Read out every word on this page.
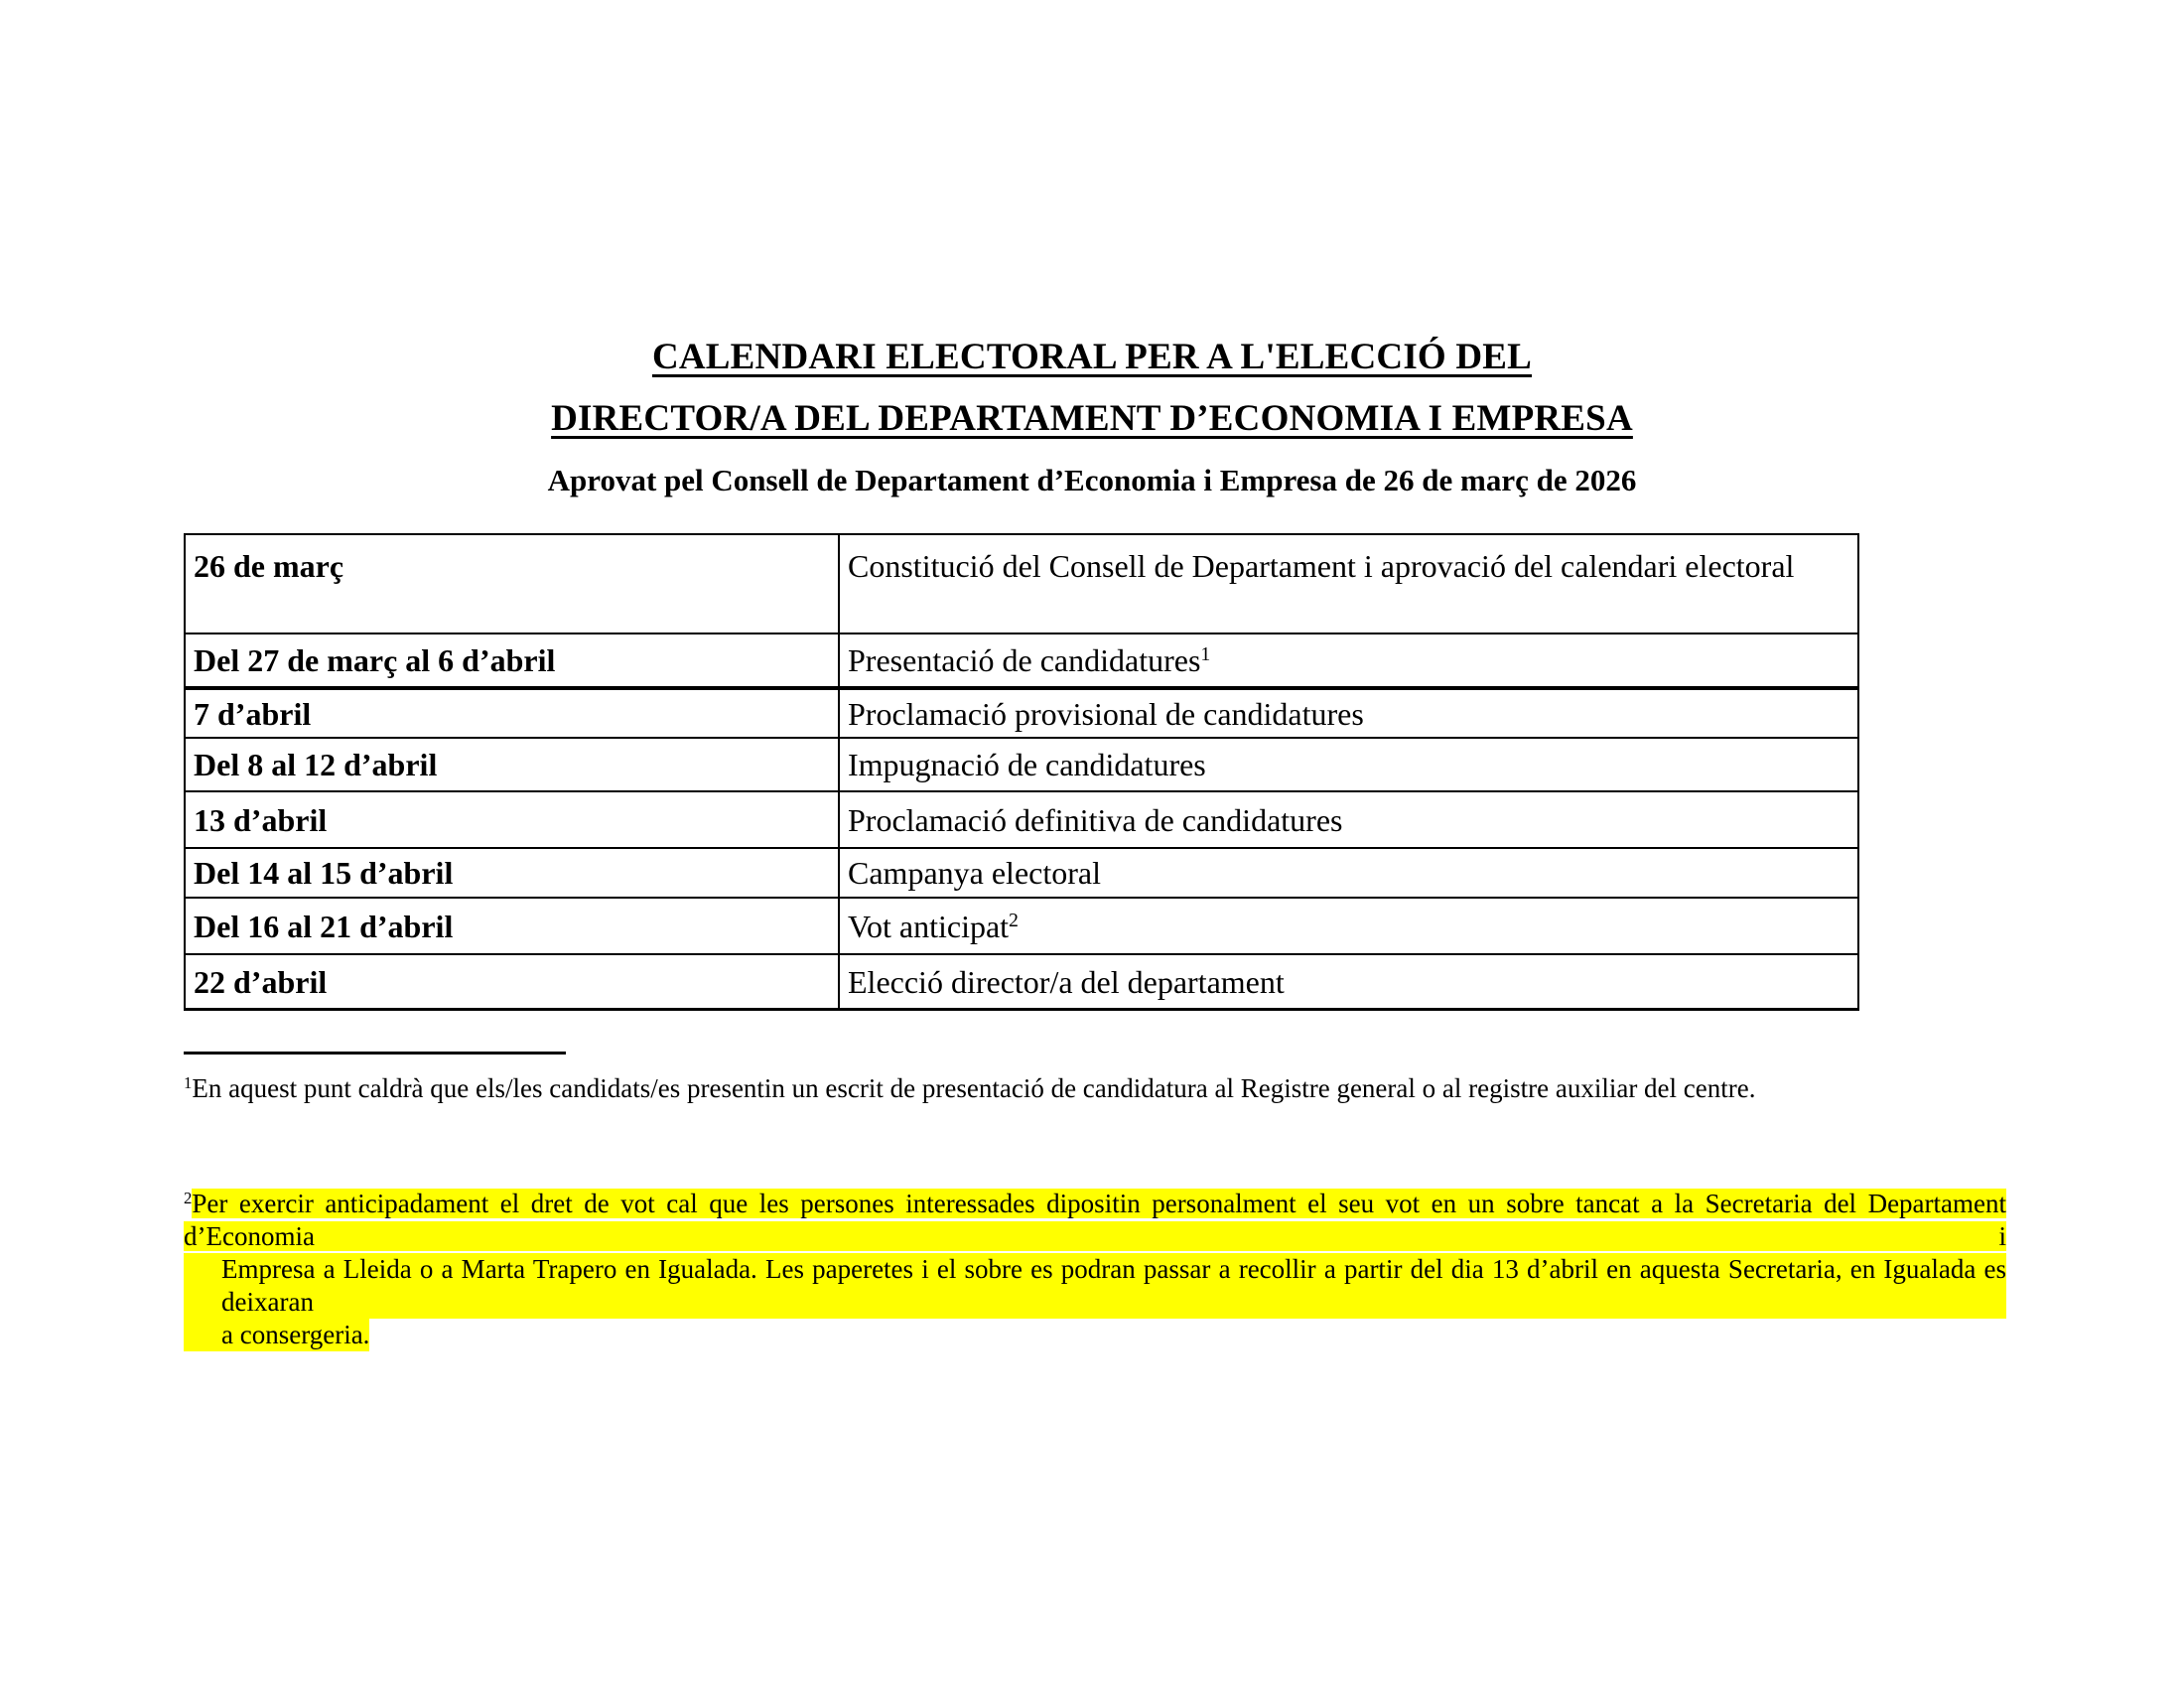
CALENDARI ELECTORAL PER A L'ELECCIÓ DEL
DIRECTOR/A DEL DEPARTAMENT D’ECONOMIA I EMPRESA
Aprovat pel Consell de Departament d’Economia i Empresa de 26 de març de 2026
26 de març	Constitució del Consell de Departament i aprovació del calendari electoral
Del 27 de març al 6 d’abril	Presentació de candidatures$^1$
7 d’abril	Proclamació provisional de candidatures
Del 8 al 12 d’abril	Impugnació de candidatures
13 d’abril	Proclamació definitiva de candidatures
Del 14 al 15 d’abril	Campanya electoral
Del 16 al 21 d’abril	Vot anticipat$^2$
22 d’abril	Elecció director/a del departament
$^1$En aquest punt caldrà que els/les candidats/es presentin un escrit de presentació de candidatura al Registre general o al registre auxiliar del centre.
$^2$Per exercir anticipadament el dret de vot cal que les persones interessades dipositin personalment el seu vot en un sobre tancat a la Secretaria del Departament d’Economia i
Empresa a Lleida o a Marta Trapero en Igualada. Les paperetes i el sobre es podran passar a recollir a partir del dia 13 d’abril en aquesta Secretaria, en Igualada es deixaran
a consergeria.
